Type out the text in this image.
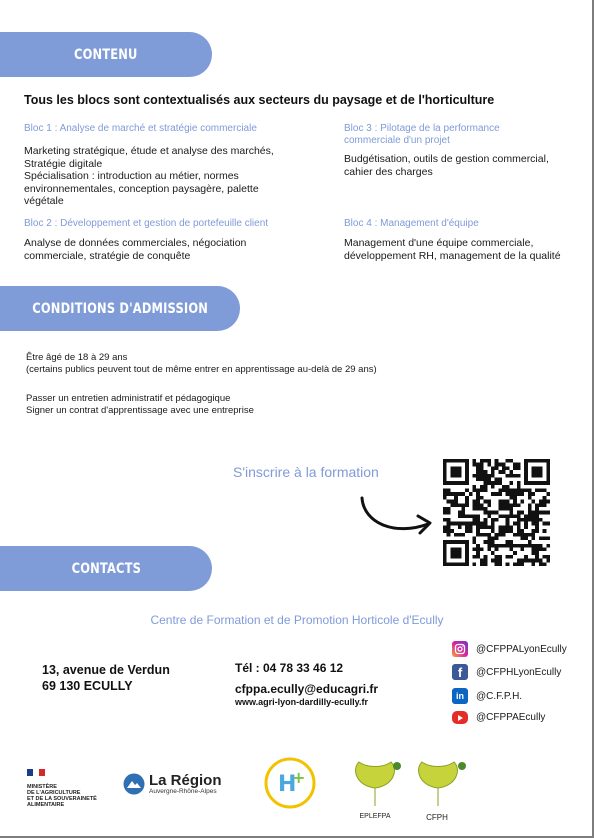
CONTENU
Tous les blocs sont contextualisés aux secteurs du paysage et de l'horticulture
Bloc 1 : Analyse de marché et stratégie commerciale
Marketing stratégique, étude et analyse des marchés,
Stratégie digitale
Spécialisation : introduction au métier, normes
environnementales, conception paysagère, palette
végétale
Bloc 2 : Développement et gestion de portefeuille client
Analyse de données commerciales, négociation
commerciale, stratégie de conquête
Bloc 3 : Pilotage de la performance
commerciale d'un projet
Budgétisation, outils de gestion commercial,
cahier des charges
Bloc 4 : Management d'équipe
Management d'une équipe commerciale,
développement RH, management de la qualité
CONDITIONS D'ADMISSION
Être âgé de 18 à 29 ans
(certains publics peuvent tout de même entrer en apprentissage au-delà de 29 ans)
Passer un entretien administratif et pédagogique
Signer un contrat d'apprentissage avec une entreprise
S'inscrire à la formation
CONTACTS
Centre de Formation et de Promotion Horticole d'Ecully
13, avenue de Verdun
69 130 ECULLY
Tél : 04 78 33 46 12
cfppa.ecully@educagri.fr
www.agri-lyon-dardilly-ecully.fr
@CFPPALyonEcully
f	@CFPHLyonEcully
in	@C.F.P.H.
@CFPPAEcully
MINISTÈRE
DE L'AGRICULTURE
ET DE LA SOUVERAINETÉ
ALIMENTAIRE
La Région
Auvergne-Rhône-Alpes	H
+
EPLEFPA	CFPH
